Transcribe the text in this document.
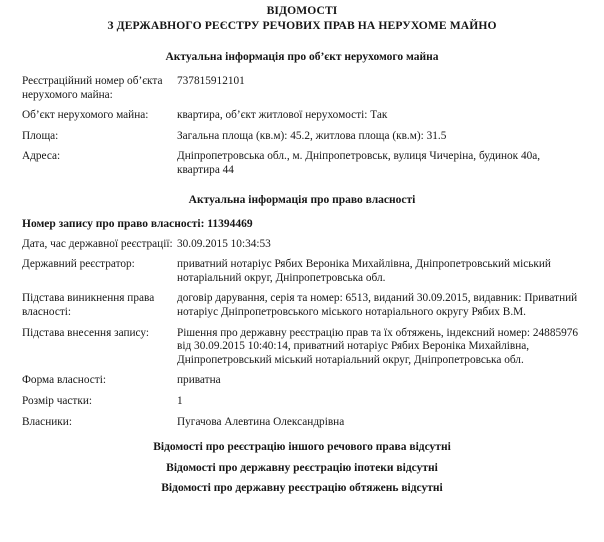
ВІДОМОСТІ
З ДЕРЖАВНОГО РЕЄСТРУ РЕЧОВИХ ПРАВ НА НЕРУХОМЕ МАЙНО
Актуальна інформація про об’єкт нерухомого майна
Реєстраційний номер об’єкта нерухомого майна:	737815912101
Об’єкт нерухомого майна:	квартира, об’єкт житлової нерухомості: Так
Площа:	Загальна площа (кв.м): 45.2, житлова площа (кв.м): 31.5
Адреса:	Дніпропетровська обл., м. Дніпропетровськ, вулиця Чичеріна, будинок 40а, квартира 44
Актуальна інформація про право власності

Номер запису про право власності: 11394469

Дата, час державної реєстрації:	30.09.2015 10:34:53
Державний реєстратор:	приватний нотаріус Рябих Вероніка Михайлівна, Дніпропетровський міський нотаріальний округ, Дніпропетровська обл.
Підстава виникнення права власності:	договір дарування, серія та номер: 6513, виданий 30.09.2015, видавник: Приватний нотаріус Дніпропетровського міського нотаріального округу Рябих В.М.
Підстава внесення запису:	Рішення про державну реєстрацію прав та їх обтяжень, індексний номер: 24885976 від 30.09.2015 10:40:14, приватний нотаріус Рябих Вероніка Михайлівна, Дніпропетровський міський нотаріальний округ, Дніпропетровська обл.
Форма власності:	приватна
Розмір частки:	1
Власники:	Пугачова Алевтина Олександрівна

Відомості про реєстрацію іншого речового права відсутні

Відомості про державну реєстрацію іпотеки відсутні

Відомості про державну реєстрацію обтяжень відсутні
